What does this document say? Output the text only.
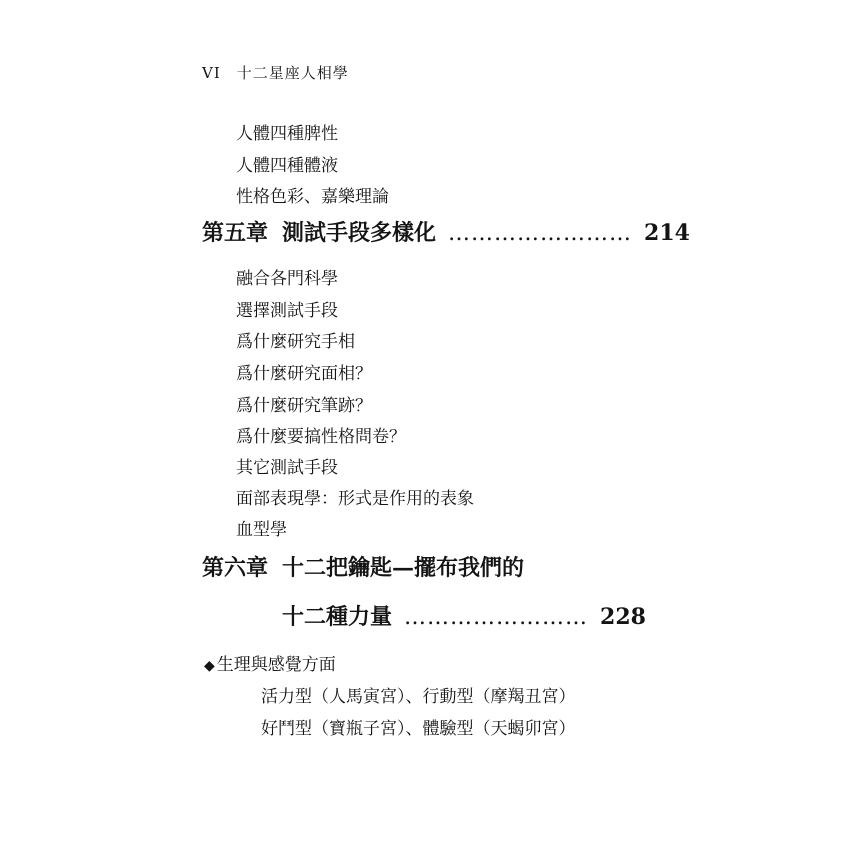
VI 十二星座人相學
人體四種脾性
人體四種體液
性格色彩、嘉樂理論
第五章 測試手段多樣化 …………………… 214
融合各門科學
選擇測試手段
爲什麼研究手相
爲什麼研究面相？
爲什麼研究筆跡？
爲什麼要搞性格問卷？
其它測試手段
面部表現學：形式是作用的表象
血型學
第六章 十二把鑰匙—擺布我們的
十二種力量 …………………… 228
◆ 生理與感覺方面
活力型（人馬寅宮）、行動型（摩羯丑宮）
好鬥型（寶瓶子宮）、體驗型（天蝎卯宮）
